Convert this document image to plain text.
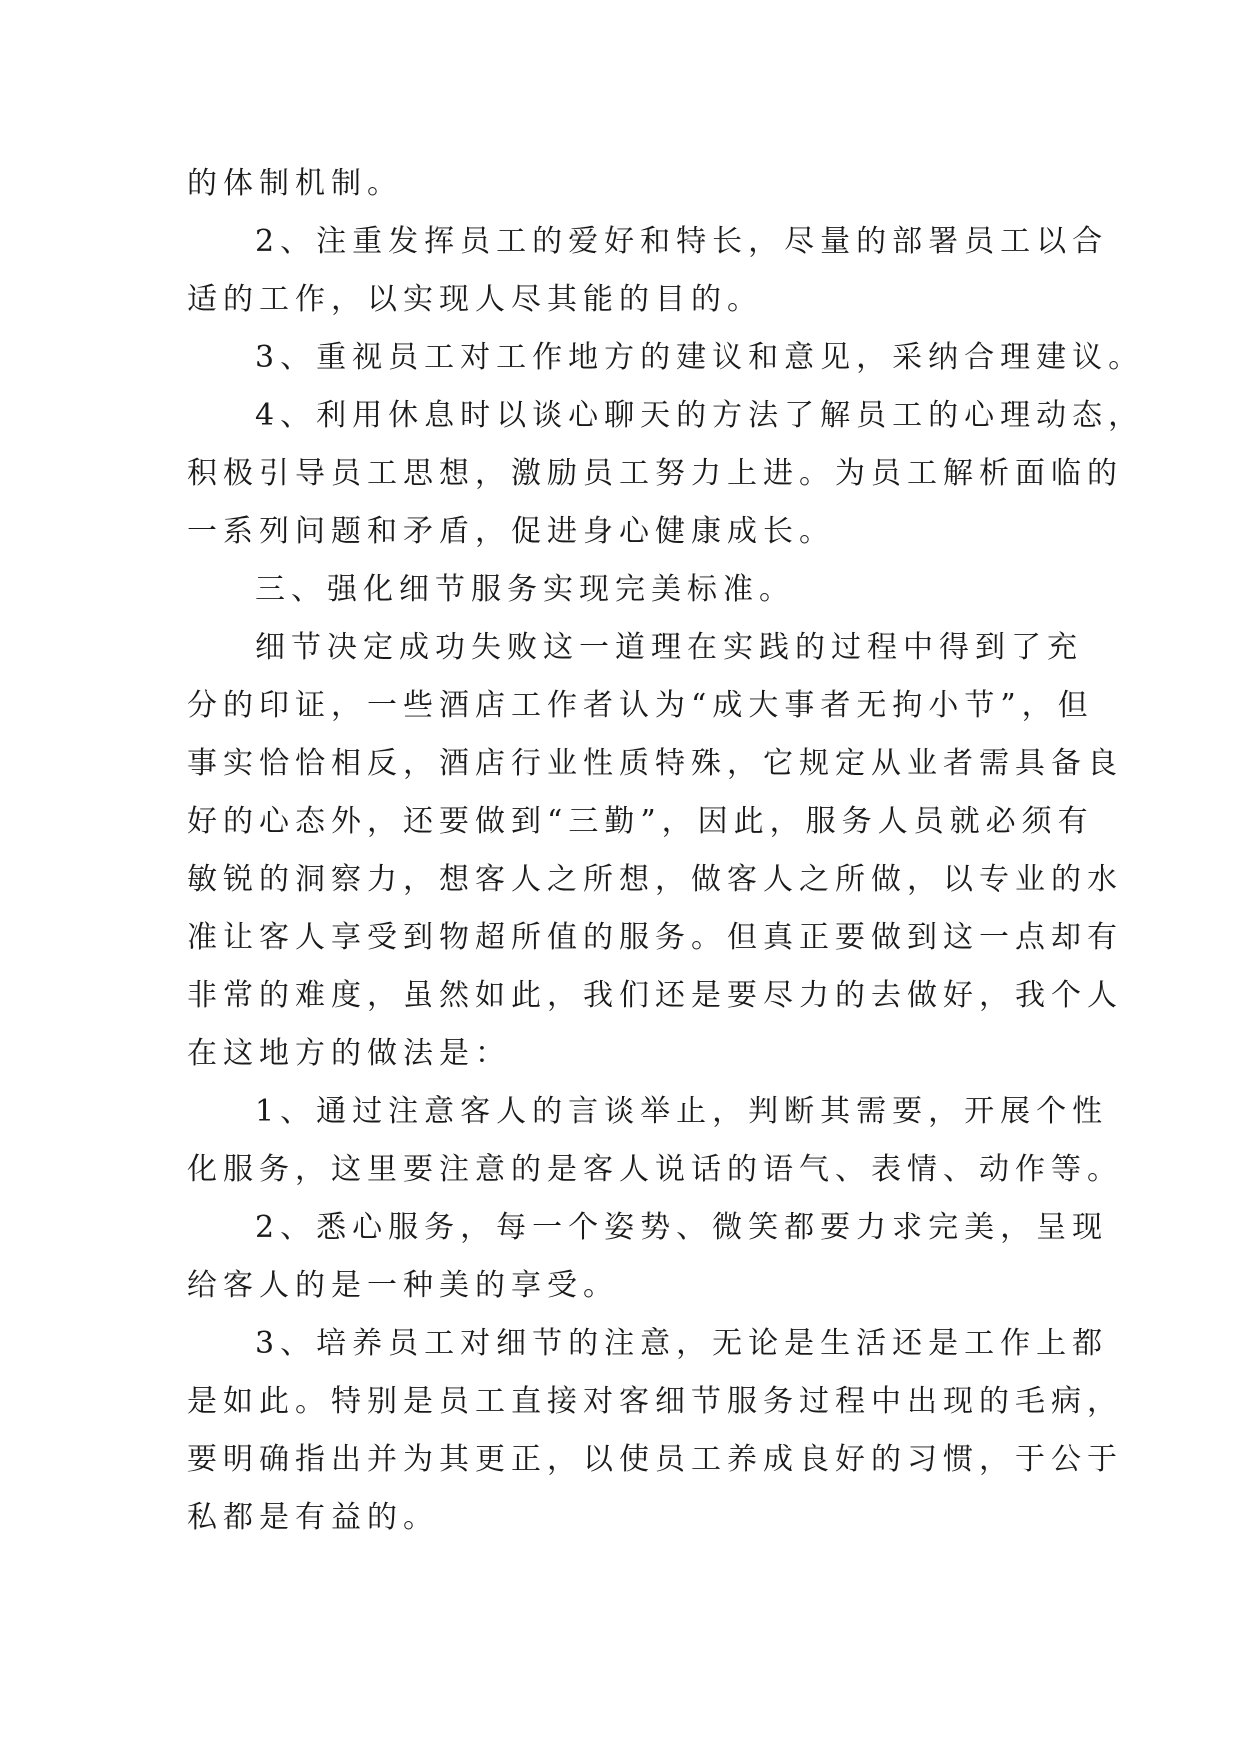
的体制机制。
2、注重发挥员工的爱好和特长，尽量的部署员工以合
适的工作，以实现人尽其能的目的。
3、重视员工对工作地方的建议和意见，采纳合理建议。
4、利用休息时以谈心聊天的方法了解员工的心理动态，
积极引导员工思想，激励员工努力上进。为员工解析面临的
一系列问题和矛盾，促进身心健康成长。
三、强化细节服务实现完美标准。
细节决定成功失败这一道理在实践的过程中得到了充
分的印证，一些酒店工作者认为“成大事者无拘小节”，但
事实恰恰相反，酒店行业性质特殊，它规定从业者需具备良
好的心态外，还要做到“三勤”，因此，服务人员就必须有
敏锐的洞察力，想客人之所想，做客人之所做，以专业的水
准让客人享受到物超所值的服务。但真正要做到这一点却有
非常的难度，虽然如此，我们还是要尽力的去做好，我个人
在这地方的做法是：
1、通过注意客人的言谈举止，判断其需要，开展个性
化服务，这里要注意的是客人说话的语气、表情、动作等。
2、悉心服务，每一个姿势、微笑都要力求完美，呈现
给客人的是一种美的享受。
3、培养员工对细节的注意，无论是生活还是工作上都
是如此。特别是员工直接对客细节服务过程中出现的毛病，
要明确指出并为其更正，以使员工养成良好的习惯，于公于
私都是有益的。
